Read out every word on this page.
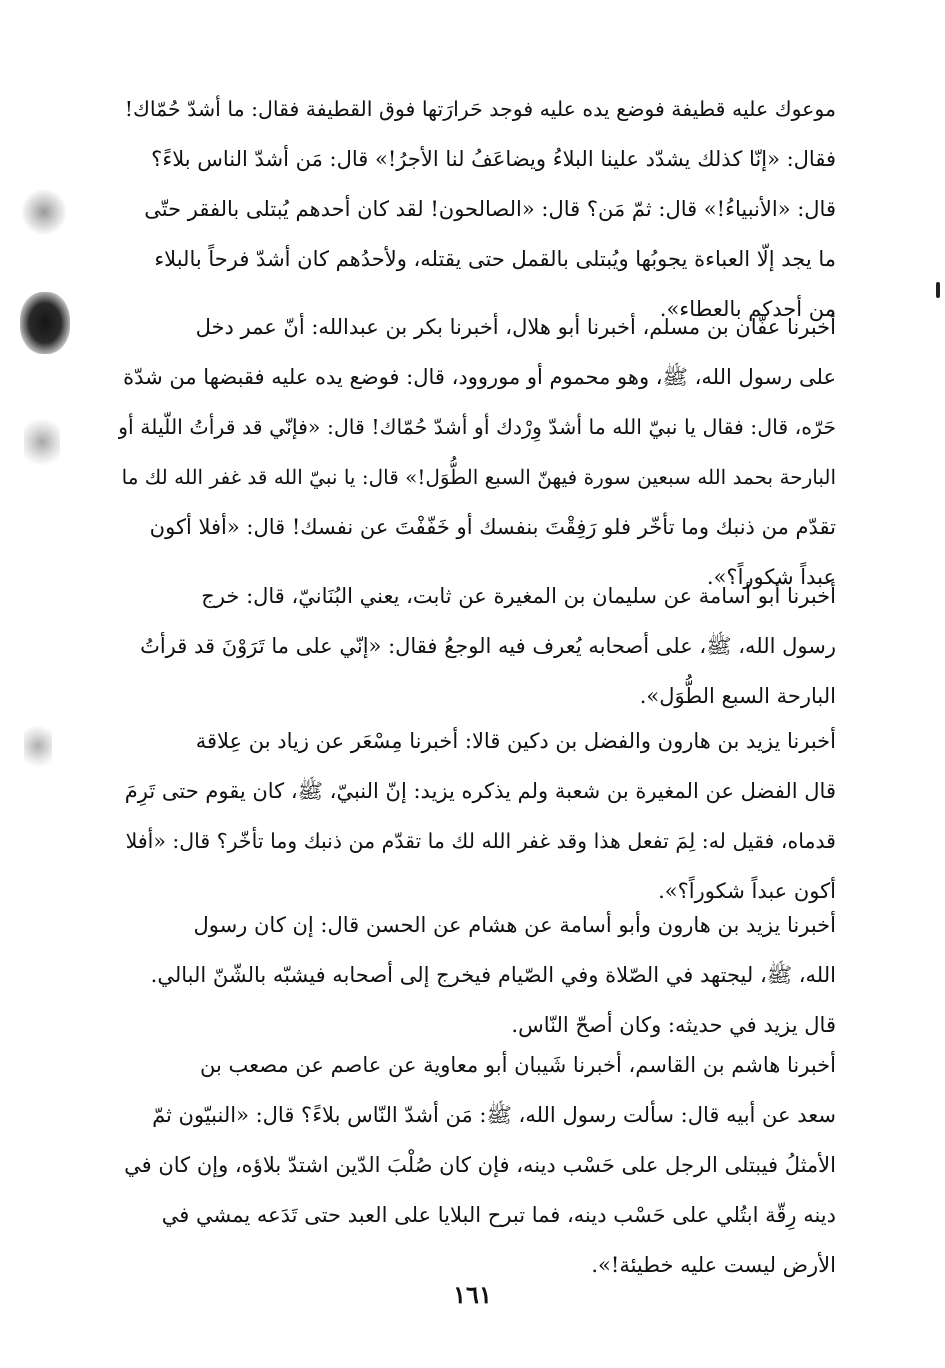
موعوك عليه قطيفة فوضع يده عليه فوجد حَرارَتها فوق القطيفة فقال: ما أشدّ حُمّاك!
فقال: «إنّا كذلك يشدّد علينا البلاءُ ويضاعَفُ لنا الأجرُ!» قال: مَن أشدّ الناس بلاءً؟
قال: «الأنبياءُ!» قال: ثمّ مَن؟ قال: «الصالحون! لقد كان أحدهم يُبتلى بالفقر حتّى
ما يجد إلّا العباءة يجوبُها ويُبتلى بالقمل حتى يقتله، ولأحدُهم كان أشدّ فرحاً بالبلاء
من أحدكم بالعطاء».
أخبرنا عفّان بن مسلم، أخبرنا أبو هلال، أخبرنا بكر بن عبدالله: أنّ عمر دخل
على رسول الله، ﷺ، وهو محموم أو موروود، قال: فوضع يده عليه فقبضها من شدّة
حَرّه، قال: فقال يا نبيّ الله ما أشدّ وِرْدك أو أشدّ حُمّاك! قال: «فإنّي قد قرأتُ اللّيلة أو
البارحة بحمد الله سبعين سورة فيهنّ السبع الطُّوَل!» قال: يا نبيّ الله قد غفر الله لك ما
تقدّم من ذنبك وما تأخّر فلو رَفِقْتَ بنفسك أو خَفّفْتَ عن نفسك! قال: «أفلا أكون
عبداً شكوراً؟».
أخبرنا أبو أسامة عن سليمان بن المغيرة عن ثابت، يعني البُنَانيّ، قال: خرج
رسول الله، ﷺ، على أصحابه يُعرف فيه الوجعُ فقال: «إنّي على ما تَرَوْنَ قد قرأتُ
البارحة السبع الطُّوَل».
أخبرنا يزيد بن هارون والفضل بن دكين قالا: أخبرنا مِسْعَر عن زياد بن عِلاقة
قال الفضل عن المغيرة بن شعبة ولم يذكره يزيد: إنّ النبيّ، ﷺ، كان يقوم حتى تَرِمَ
قدماه، فقيل له: لِمَ تفعل هذا وقد غفر الله لك ما تقدّم من ذنبك وما تأخّر؟ قال: «أفلا
أكون عبداً شكوراً؟».
أخبرنا يزيد بن هارون وأبو أسامة عن هشام عن الحسن قال: إن كان رسول
الله، ﷺ، ليجتهد في الصّلاة وفي الصّيام فيخرج إلى أصحابه فيشبّه بالشّنّ البالي.
قال يزيد في حديثه: وكان أصحّ النّاس.
أخبرنا هاشم بن القاسم، أخبرنا شَيبان أبو معاوية عن عاصم عن مصعب بن
سعد عن أبيه قال: سألت رسول الله، ﷺ: مَن أشدّ النّاس بلاءً؟ قال: «النبيّون ثمّ
الأمثلُ فيبتلى الرجل على حَسْب دينه، فإن كان صُلْبَ الدّين اشتدّ بلاؤه، وإن كان في
دينه رِقّة ابتُلي على حَسْب دينه، فما تبرح البلايا على العبد حتى تَدَعه يمشي في
الأرض ليست عليه خطيئة!».
١٦١
